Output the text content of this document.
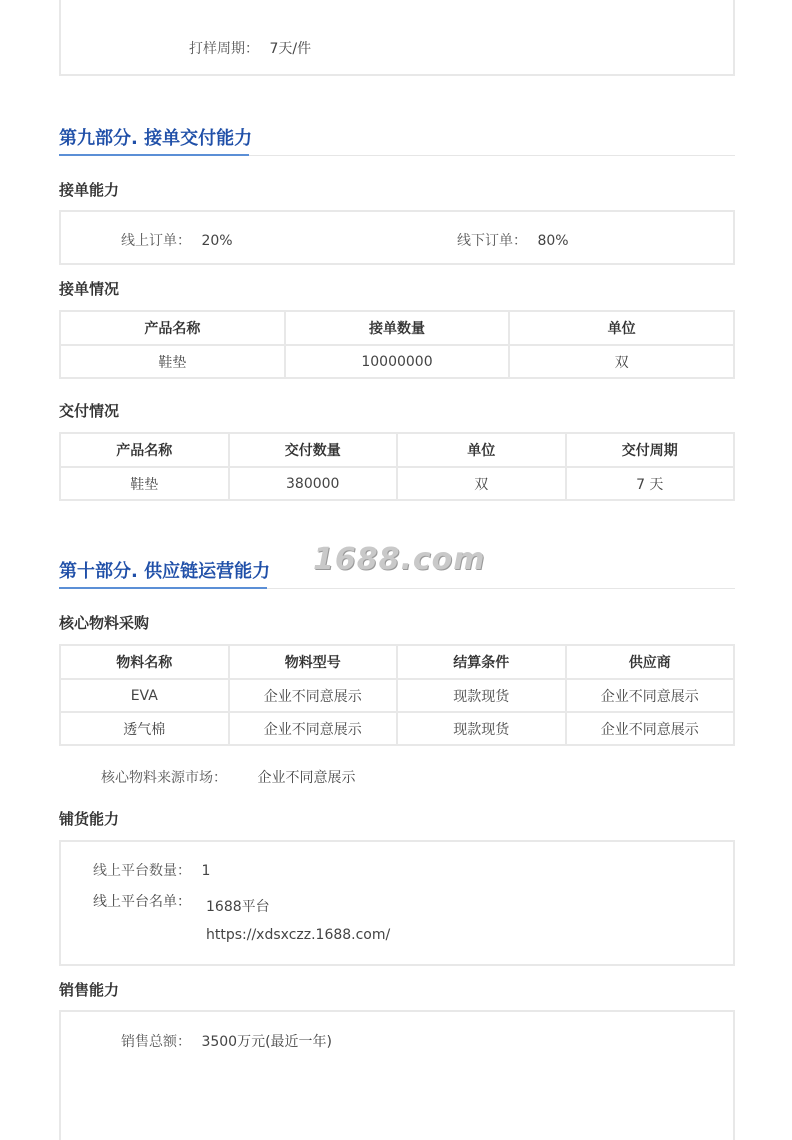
打样周期： 7天/件
第九部分. 接单交付能力
接单能力
线上订单： 20%	线下订单： 80%
接单情况
产品名称	接单数量	单位
鞋垫	10000000	双
交付情况
产品名称	交付数量	单位	交付周期
鞋垫	380000	双	7 天
第十部分. 供应链运营能力
核心物料采购
物料名称	物料型号	结算条件	供应商
EVA	企业不同意展示	现款现货	企业不同意展示
透气棉	企业不同意展示	现款现货	企业不同意展示
核心物料来源市场： 企业不同意展示
铺货能力
线上平台数量： 1
线上平台名单： 1688平台
https://xdsxczz.1688.com/
销售能力
销售总额： 3500万元(最近一年)
1688.com
